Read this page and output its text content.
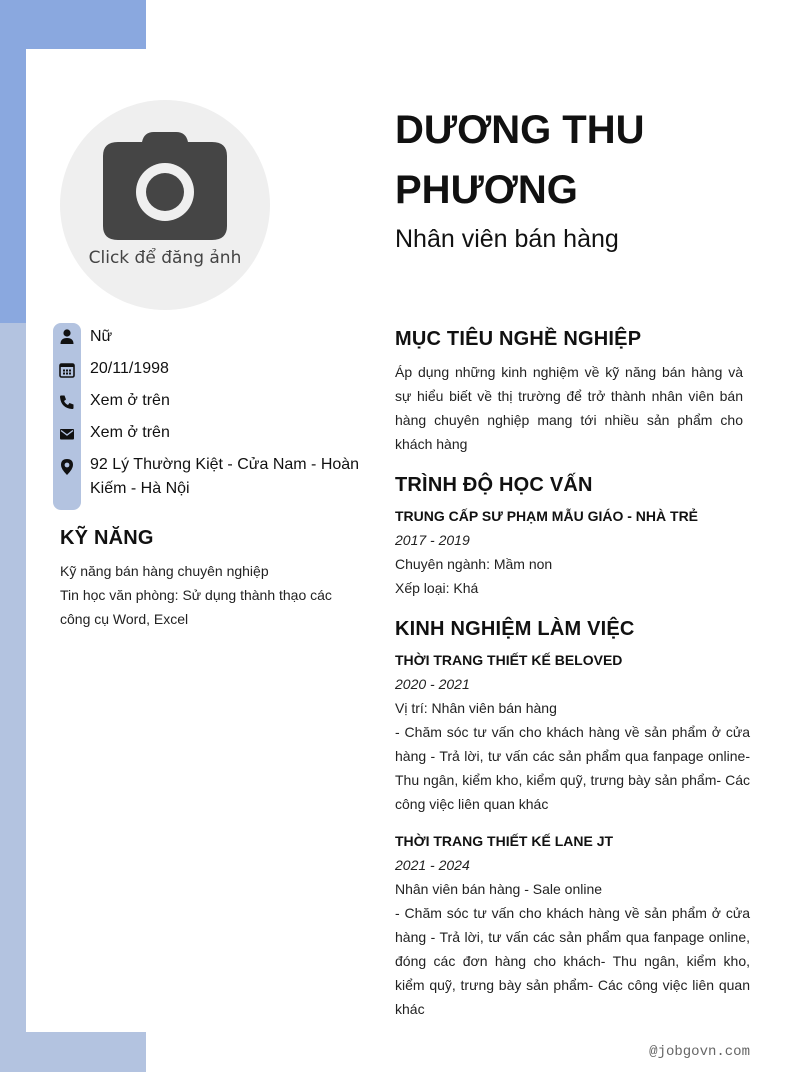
Click để đăng ảnh
Nữ
20/11/1998
Xem ở trên
Xem ở trên
92 Lý Thường Kiệt - Cửa Nam - Hoàn
Kiếm - Hà Nội
KỸ NĂNG
Kỹ năng bán hàng chuyên nghiệp
Tin học văn phòng: Sử dụng thành thạo các
công cụ Word, Excel
DƯƠNG THU
PHƯƠNG
Nhân viên bán hàng
MỤC TIÊU NGHỀ NGHIỆP
Áp dụng những kinh nghiệm về kỹ năng bán hàng và sự hiểu biết về thị trường để trở thành nhân viên bán hàng chuyên nghiệp mang tới nhiều sản phẩm cho khách hàng
TRÌNH ĐỘ HỌC VẤN
TRUNG CẤP SƯ PHẠM MẪU GIÁO - NHÀ TRẺ
2017 - 2019
Chuyên ngành: Mầm non
Xếp loại: Khá
KINH NGHIỆM LÀM VIỆC
THỜI TRANG THIẾT KẾ BELOVED
2020 - 2021
Vị trí: Nhân viên bán hàng
- Chăm sóc tư vấn cho khách hàng về sản phẩm ở cửa hàng - Trả lời, tư vấn các sản phẩm qua fanpage online- Thu ngân, kiểm kho, kiểm quỹ, trưng bày sản phẩm- Các công việc liên quan khác
THỜI TRANG THIẾT KẾ LANE JT
2021 - 2024
Nhân viên bán hàng - Sale online
- Chăm sóc tư vấn cho khách hàng về sản phẩm ở cửa hàng - Trả lời, tư vấn các sản phẩm qua fanpage online, đóng các đơn hàng cho khách- Thu ngân, kiểm kho, kiểm quỹ, trưng bày sản phẩm- Các công việc liên quan khác
@jobgovn.com
